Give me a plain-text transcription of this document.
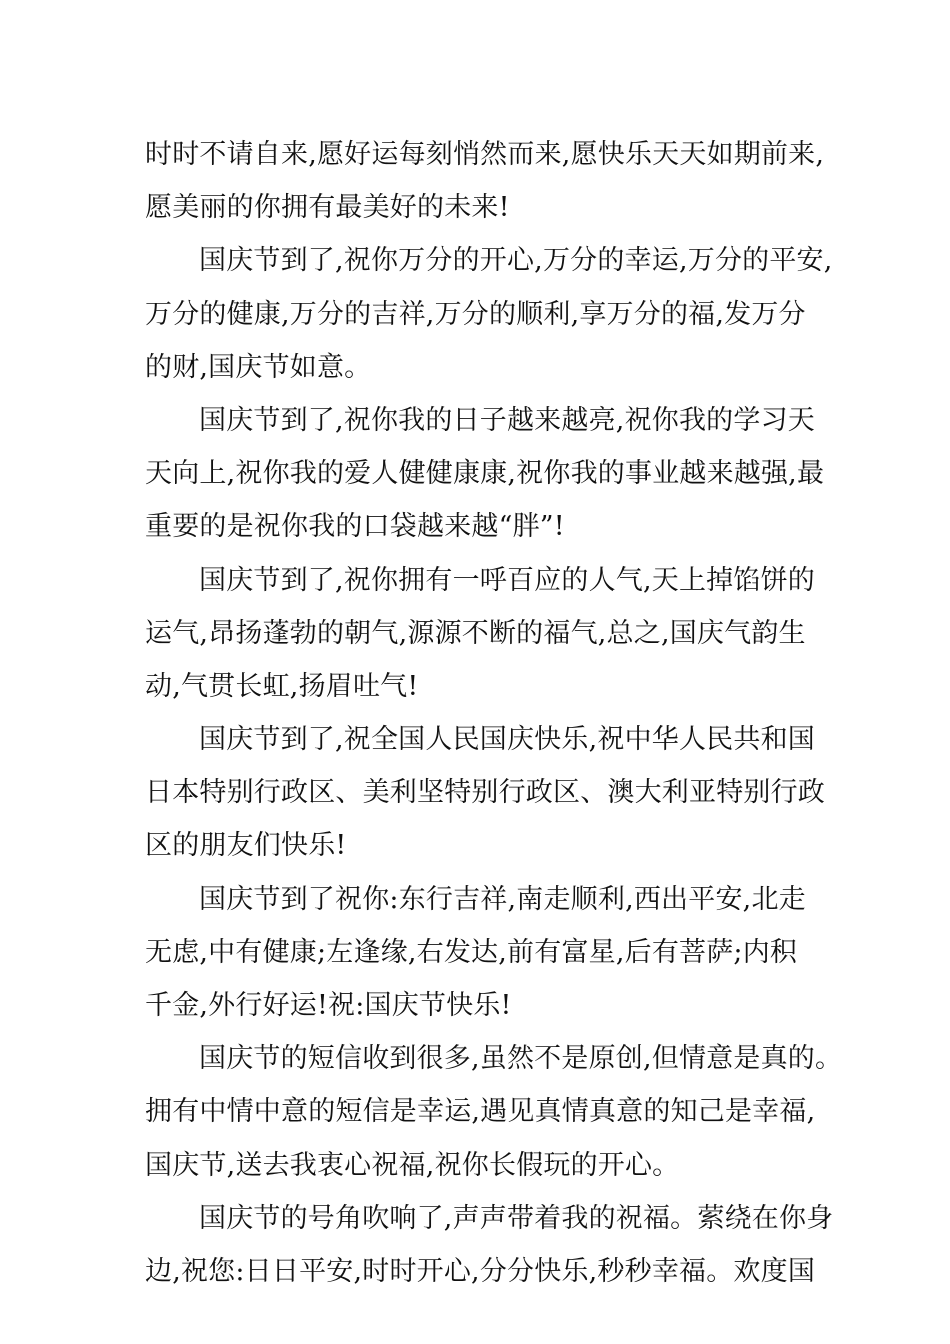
时时不请自来,愿好运每刻悄然而来,愿快乐天天如期前来,
愿美丽的你拥有最美好的未来!
国庆节到了,祝你万分的开心,万分的幸运,万分的平安,
万分的健康,万分的吉祥,万分的顺利,享万分的福,发万分
的财,国庆节如意。
国庆节到了,祝你我的日子越来越亮,祝你我的学习天
天向上,祝你我的爱人健健康康,祝你我的事业越来越强,最
重要的是祝你我的口袋越来越“胖”!
国庆节到了,祝你拥有一呼百应的人气,天上掉馅饼的
运气,昂扬蓬勃的朝气,源源不断的福气,总之,国庆气韵生
动,气贯长虹,扬眉吐气!
国庆节到了,祝全国人民国庆快乐,祝中华人民共和国
日本特别行政区、美利坚特别行政区、澳大利亚特别行政
区的朋友们快乐!
国庆节到了祝你:东行吉祥,南走顺利,西出平安,北走
无虑,中有健康;左逢缘,右发达,前有富星,后有菩萨;内积
千金,外行好运!祝:国庆节快乐!
国庆节的短信收到很多,虽然不是原创,但情意是真的。
拥有中情中意的短信是幸运,遇见真情真意的知己是幸福,
国庆节,送去我衷心祝福,祝你长假玩的开心。
国庆节的号角吹响了,声声带着我的祝福。萦绕在你身
边,祝您:日日平安,时时开心,分分快乐,秒秒幸福。欢度国
